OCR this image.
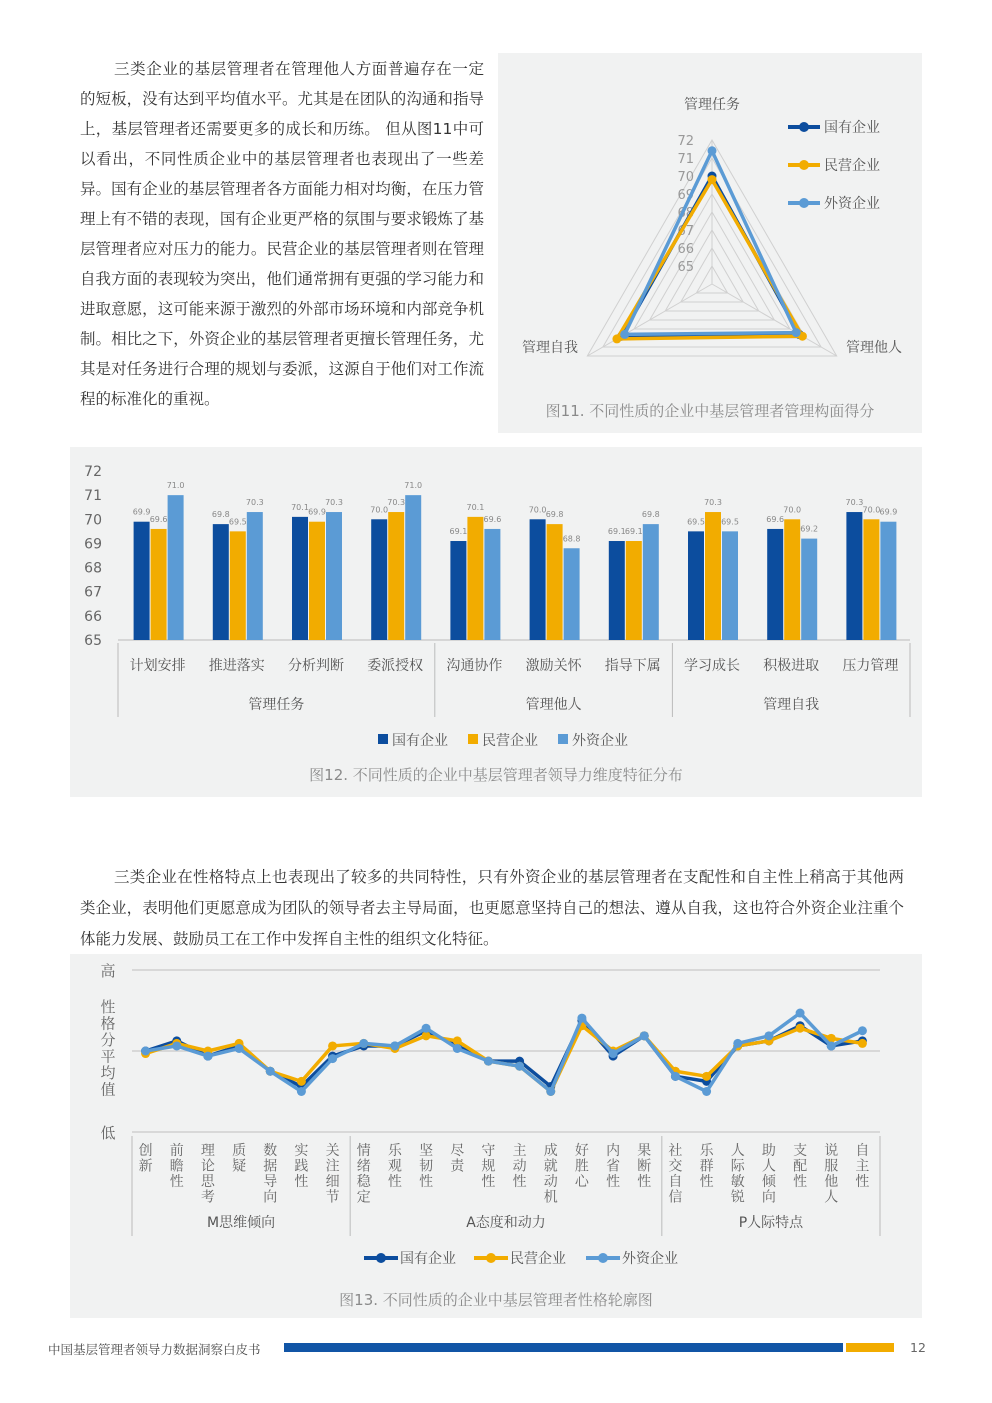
三类企业的基层管理者在管理他人方面普遍存在一定的短板，没有达到平均值水平。尤其是在团队的沟通和指导上，基层管理者还需要更多的成长和历练。 但从图11中可以看出，不同性质企业中的基层管理者也表现出了一些差异。国有企业的基层管理者各方面能力相对均衡，在压力管理上有不错的表现，国有企业更严格的氛围与要求锻炼了基层管理者应对压力的能力。民营企业的基层管理者则在管理自我方面的表现较为突出，他们通常拥有更强的学习能力和进取意愿，这可能来源于激烈的外部市场环境和内部竞争机制。相比之下，外资企业的基层管理者更擅长管理任务，尤其是对任务进行合理的规划与委派，这源自于他们对工作流程的标准化的重视。

65
66
67
68
69
70
71
72
管理任务
管理他人
管理自我
国有企业
民营企业
外资企业
图11. 不同性质的企业中基层管理者管理构面得分
65
66
67
68
69
70
71
72
69.9
69.6
71.0
计划安排
69.8
69.5
70.3
推进落实
70.1
69.9
70.3
分析判断
70.0
70.3
71.0
委派授权
69.1
70.1
69.6
沟通协作
70.0
69.8
68.8
激励关怀
69.1 69.1
69.8
指导下属
69.5
70.3
69.5
学习成长
69.6
70.0
69.2
积极进取
70.3
70.0 69.9
压力管理
管理任务	管理他人	管理自我
国有企业 民营企业 外资企业
图12. 不同性质的企业中基层管理者领导力维度特征分布

三类企业在性格特点上也表现出了较多的共同特性，只有外资企业的基层管理者在支配性和自主性上稍高于其他两类企业，表明他们更愿意成为团队的领导者去主导局面，也更愿意坚持自己的想法、遵从自我，这也符合外资企业注重个体能力发展、鼓励员工在工作中发挥自主性的组织文化特征。

高
低
性格分平均值
创新
前瞻性
理论思考
质疑
数据导向
实践性
关注细节
情绪稳定
乐观性
坚韧性
尽责
守规性
主动性
成就动机
好胜心
内省性
果断性
社交自信
乐群性
人际敏锐
助人倾向
支配性
说服他人
自主性
M思维倾向	A态度和动力	P人际特点
国有企业	民营企业	外资企业
图13. 不同性质的企业中基层管理者性格轮廓图
中国基层管理者领导力数据洞察白皮书	12
